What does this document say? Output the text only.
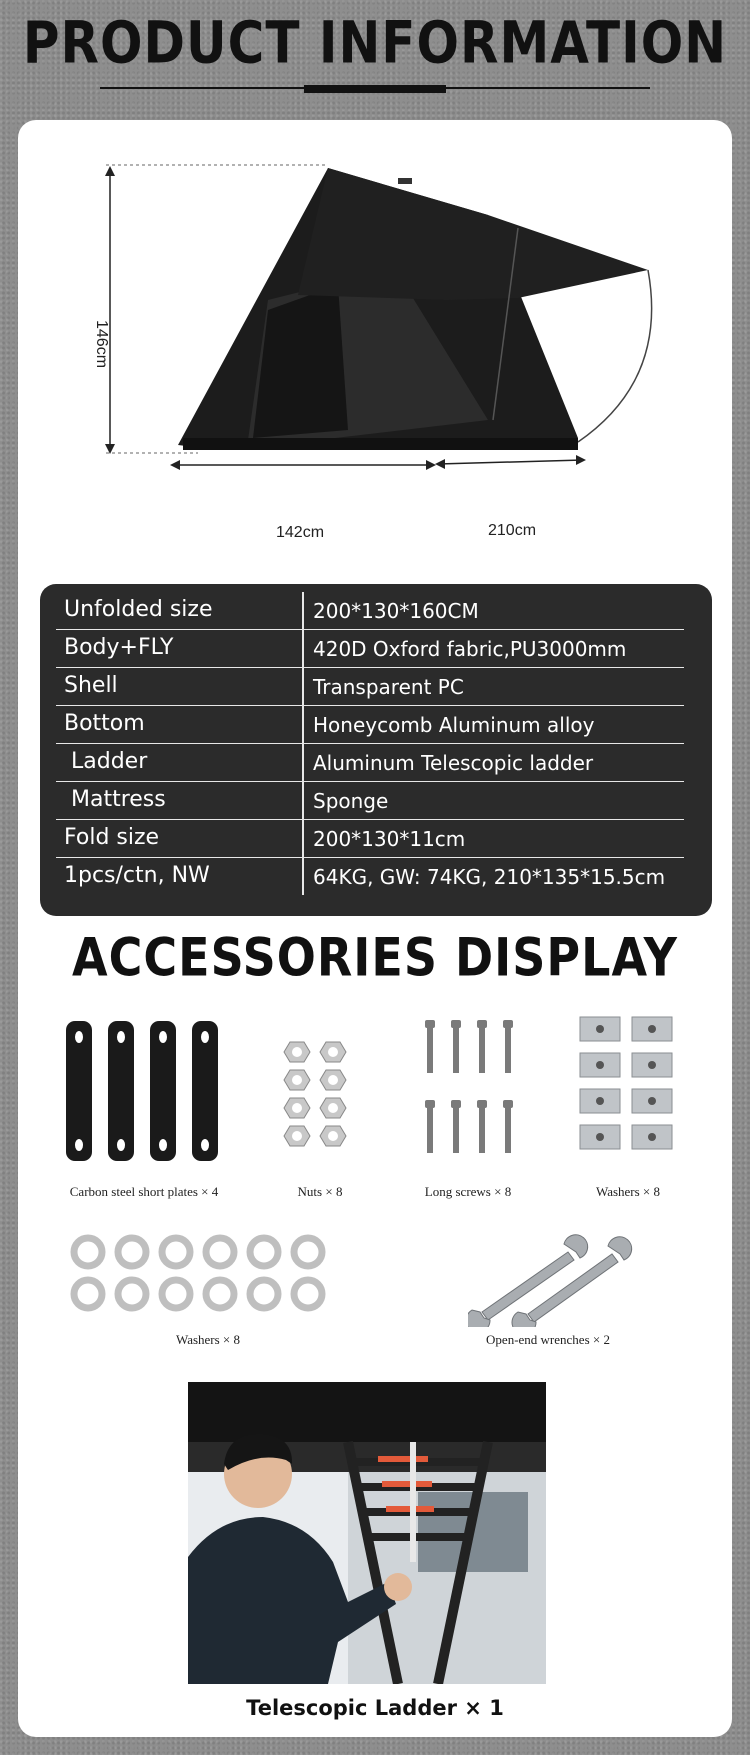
PRODUCT INFORMATION
146cm
142cm	210cm
Unfolded size	200*130*160CM
Body+FLY	420D Oxford fabric,PU3000mm
Shell	Transparent PC
Bottom	Honeycomb Aluminum alloy
Ladder	Aluminum Telescopic ladder
Mattress	Sponge
Fold size	200*130*11cm
1pcs/ctn, NW	64KG, GW: 74KG, 210*135*15.5cm
ACCESSORIES DISPLAY
Carbon steel short plates × 4	Nuts × 8	Long screws × 8	Washers × 8
Washers × 8	Open-end wrenches × 2
Telescopic Ladder × 1
